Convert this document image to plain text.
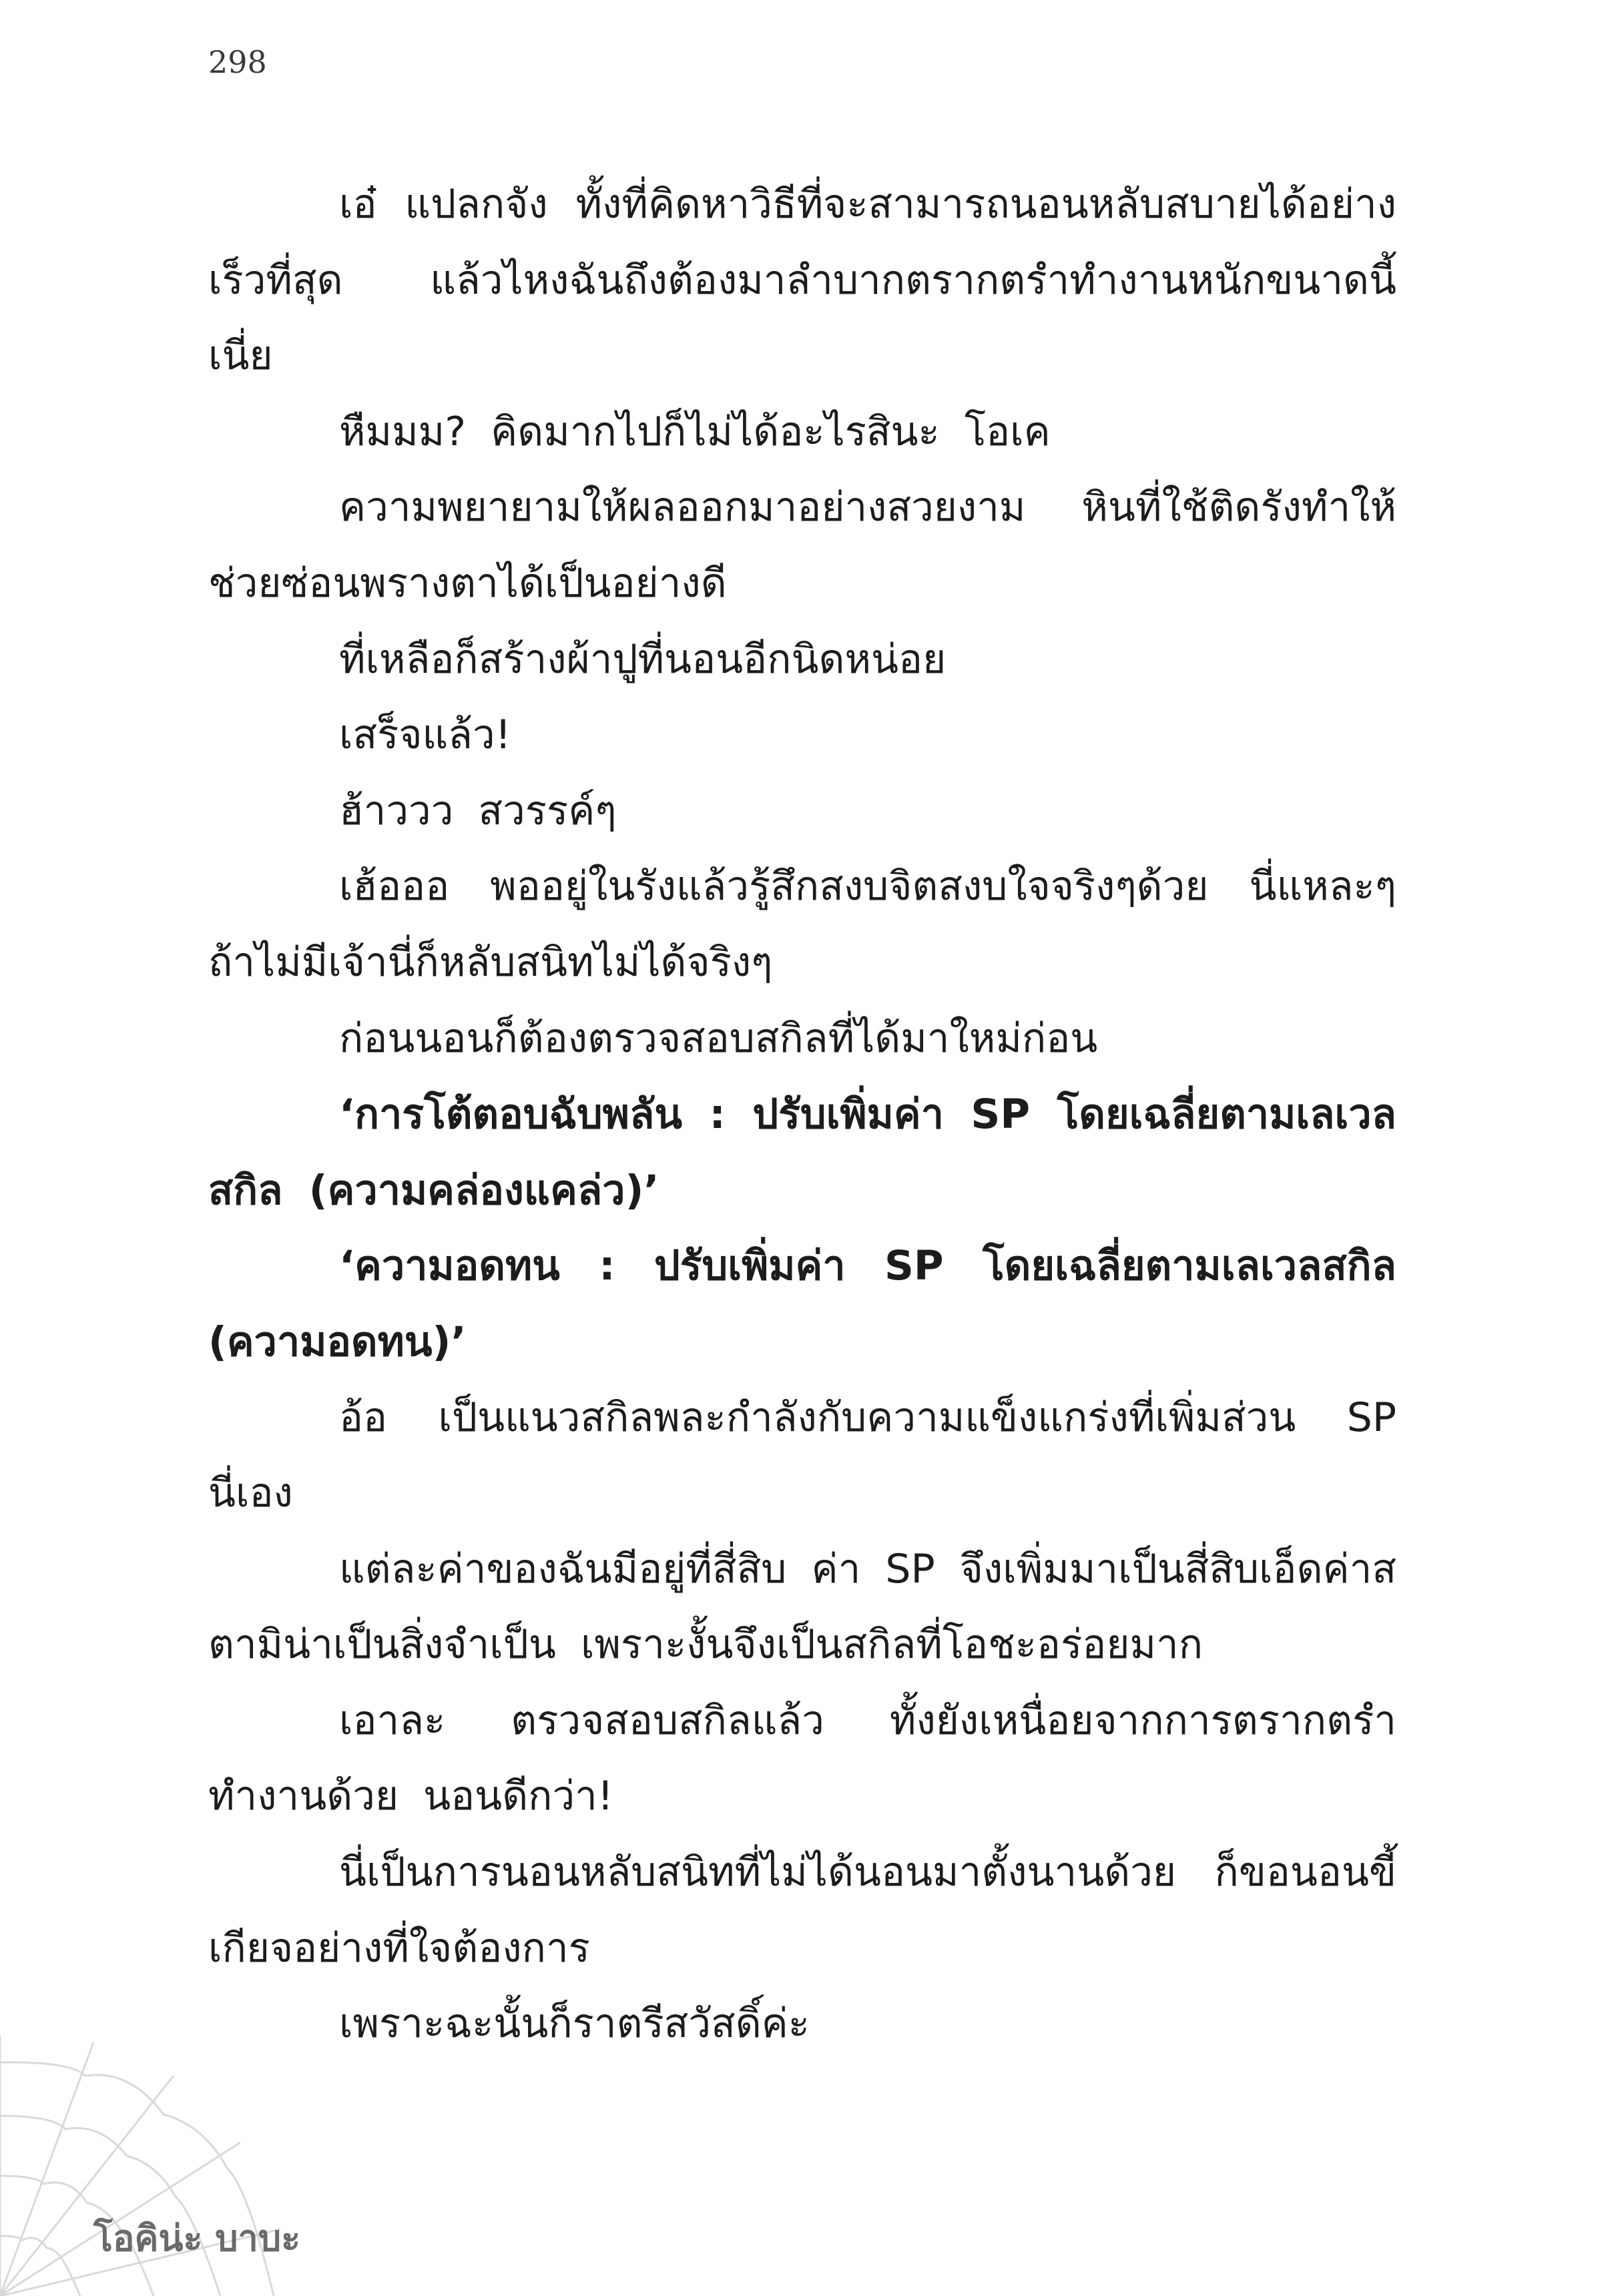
298

เอ๋ แปลกจัง ทั้งที่คิดหาวิธีที่จะสามารถนอนหลับสบายได้อย่างเร็วที่สุด แล้วไหงฉันถึงต้องมาลำบากตรากตรำทำงานหนักขนาดนี้เนี่ย

หืมมม? คิดมากไปก็ไม่ได้อะไรสินะ โอเค

ความพยายามให้ผลออกมาอย่างสวยงาม หินที่ใช้ติดรังทำให้ช่วยซ่อนพรางตาได้เป็นอย่างดี

ที่เหลือก็สร้างผ้าปูที่นอนอีกนิดหน่อย

เสร็จแล้ว!

ฮ้าววว สวรรค์ๆ

เฮ้อออ พออยู่ในรังแล้วรู้สึกสงบจิตสงบใจจริงๆด้วย นี่แหละๆถ้าไม่มีเจ้านี่ก็หลับสนิทไม่ได้จริงๆ

ก่อนนอนก็ต้องตรวจสอบสกิลที่ได้มาใหม่ก่อน

‘การโต้ตอบฉับพลัน : ปรับเพิ่มค่า SP โดยเฉลี่ยตามเลเวลสกิล (ความคล่องแคล่ว)’

‘ความอดทน : ปรับเพิ่มค่า SP โดยเฉลี่ยตามเลเวลสกิล (ความอดทน)’

อ้อ เป็นแนวสกิลพละกำลังกับความแข็งแกร่งที่เพิ่มส่วน SP นี่เอง

แต่ละค่าของฉันมีอยู่ที่สี่สิบ ค่า SP จึงเพิ่มมาเป็นสี่สิบเอ็ดค่าสตามิน่าเป็นสิ่งจำเป็น เพราะงั้นจึงเป็นสกิลที่โอชะอร่อยมาก

เอาละ ตรวจสอบสกิลแล้ว ทั้งยังเหนื่อยจากการตรากตรำทำงานด้วย นอนดีกว่า!

นี่เป็นการนอนหลับสนิทที่ไม่ได้นอนมาตั้งนานด้วย ก็ขอนอนขี้เกียจอย่างที่ใจต้องการ

เพราะฉะนั้นก็ราตรีสวัสดิ์ค่ะ

โอคิน่ะ บาบะ
